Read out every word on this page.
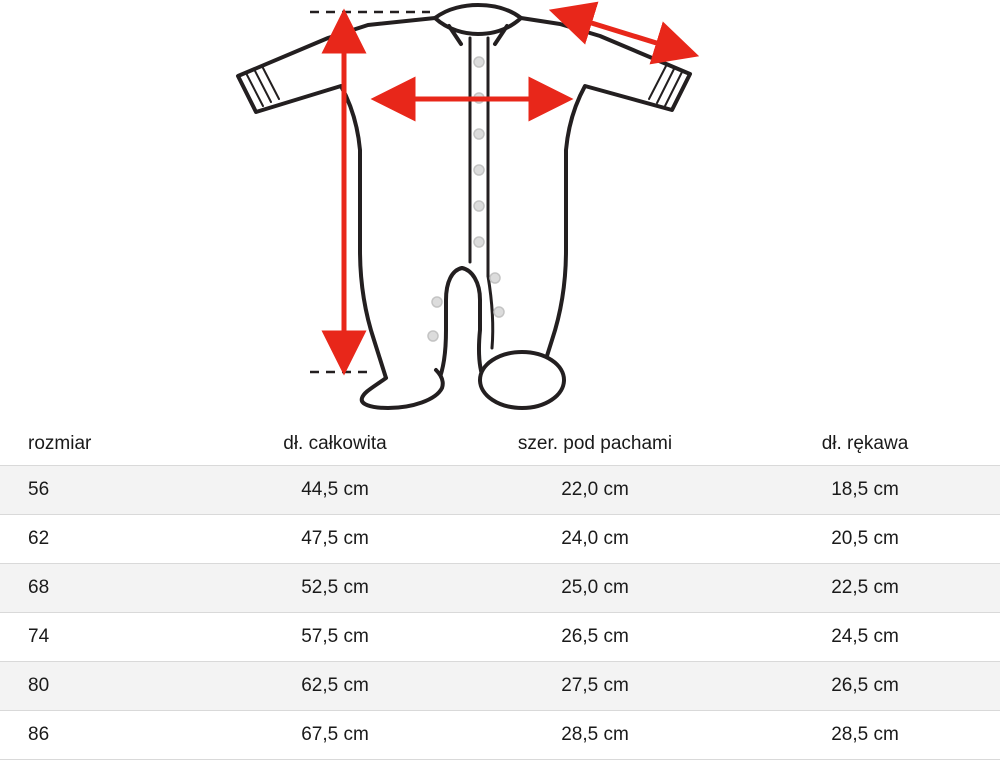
rozmiar	dł. całkowita	szer. pod pachami	dł. rękawa
56	44,5 cm	22,0 cm	18,5 cm
62	47,5 cm	24,0 cm	20,5 cm
68	52,5 cm	25,0 cm	22,5 cm
74	57,5 cm	26,5 cm	24,5 cm
80	62,5 cm	27,5 cm	26,5 cm
86	67,5 cm	28,5 cm	28,5 cm
